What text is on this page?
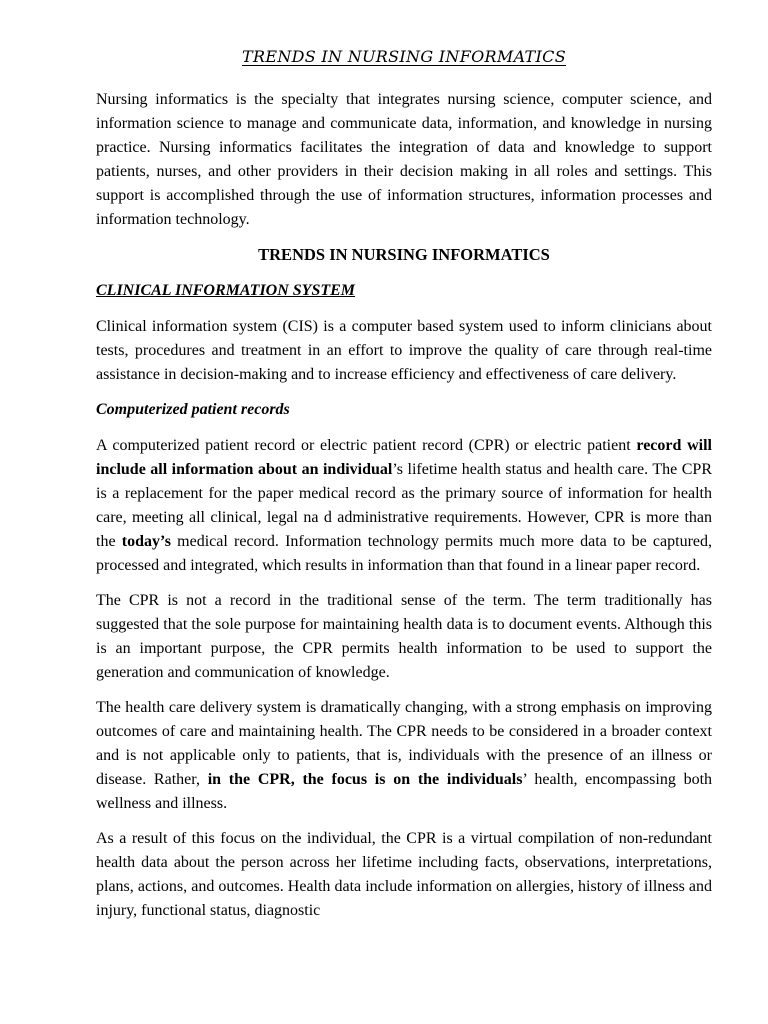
TRENDS IN NURSING INFORMATICS

Nursing informatics is the specialty that integrates nursing science, computer science, and information science to manage and communicate data, information, and knowledge in nursing practice. Nursing informatics facilitates the integration of data and knowledge to support patients, nurses, and other providers in their decision making in all roles and settings. This support is accomplished through the use of information structures, information processes and information technology.

TRENDS IN NURSING INFORMATICS
CLINICAL INFORMATION SYSTEM

Clinical information system (CIS) is a computer based system used to inform clinicians about tests, procedures and treatment in an effort to improve the quality of care through real-time assistance in decision-making and to increase efficiency and effectiveness of care delivery.

Computerized patient records

A computerized patient record or electric patient record (CPR) or electric patient record will include all information about an individual’s lifetime health status and health care. The CPR is a replacement for the paper medical record as the primary source of information for health care, meeting all clinical, legal na d administrative requirements. However, CPR is more than the today’s medical record. Information technology permits much more data to be captured, processed and integrated, which results in information than that found in a linear paper record.

The CPR is not a record in the traditional sense of the term. The term traditionally has suggested that the sole purpose for maintaining health data is to document events. Although this is an important purpose, the CPR permits health information to be used to support the generation and communication of knowledge.

The health care delivery system is dramatically changing, with a strong emphasis on improving outcomes of care and maintaining health. The CPR needs to be considered in a broader context and is not applicable only to patients, that is, individuals with the presence of an illness or disease. Rather, in the CPR, the focus is on the individuals’ health, encompassing both wellness and illness.

As a result of this focus on the individual, the CPR is a virtual compilation of non-redundant health data about the person across her lifetime including facts, observations, interpretations, plans, actions, and outcomes. Health data include information on allergies, history of illness and injury, functional status, diagnostic
